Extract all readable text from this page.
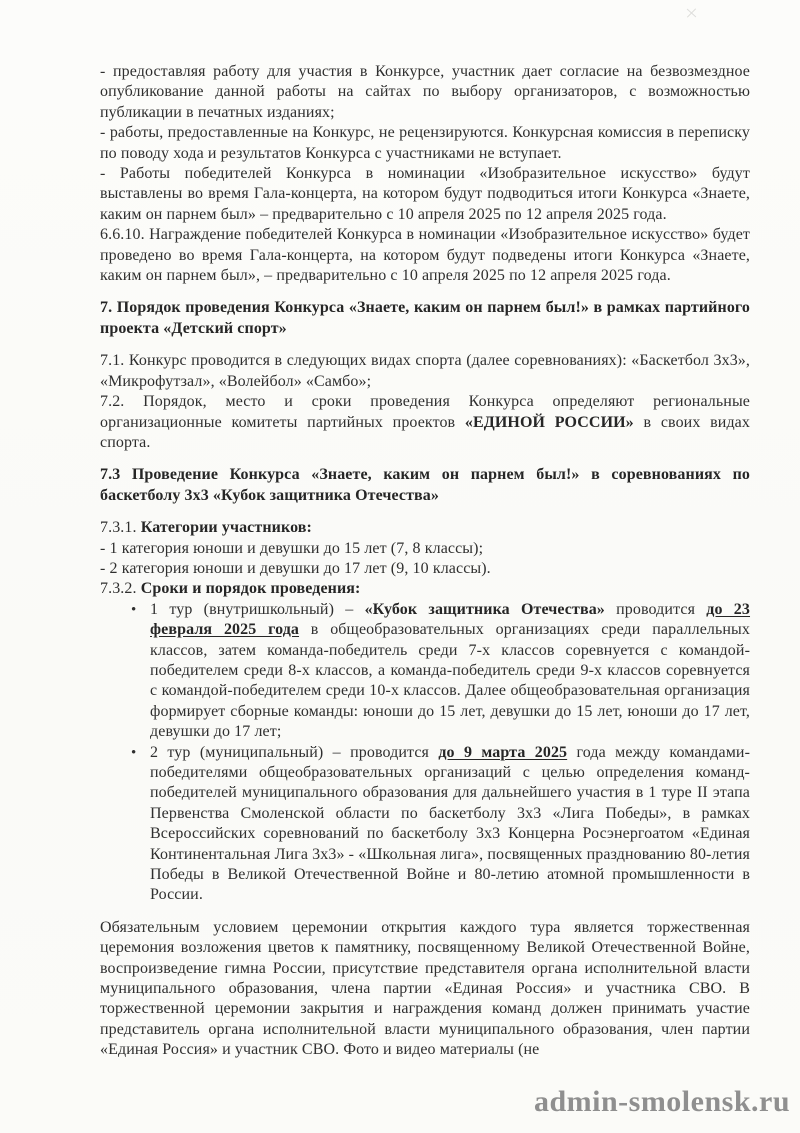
- предоставляя работу для участия в Конкурсе, участник дает согласие на безвозмездное опубликование данной работы на сайтах по выбору организаторов, с возможностью публикации в печатных изданиях;
- работы, предоставленные на Конкурс, не рецензируются. Конкурсная комиссия в переписку по поводу хода и результатов Конкурса с участниками не вступает.
- Работы победителей Конкурса в номинации «Изобразительное искусство» будут выставлены во время Гала-концерта, на котором будут подводиться итоги Конкурса «Знаете, каким он парнем был» – предварительно с 10 апреля 2025 по 12 апреля 2025 года.
6.6.10. Награждение победителей Конкурса в номинации «Изобразительное искусство» будет проведено во время Гала-концерта, на котором будут подведены итоги Конкурса «Знаете, каким он парнем был», – предварительно с 10 апреля 2025 по 12 апреля 2025 года.
7. Порядок проведения Конкурса «Знаете, каким он парнем был!» в рамках партийного проекта «Детский спорт»
7.1. Конкурс проводится в следующих видах спорта (далее соревнованиях): «Баскетбол 3х3», «Микрофутзал», «Волейбол» «Самбо»;
7.2. Порядок, место и сроки проведения Конкурса определяют региональные организационные комитеты партийных проектов «ЕДИНОЙ РОССИИ» в своих видах спорта.
7.3 Проведение Конкурса «Знаете, каким он парнем был!» в соревнованиях по баскетболу 3х3 «Кубок защитника Отечества»
7.3.1. Категории участников:
- 1 категория юноши и девушки до 15 лет (7, 8 классы);
- 2 категория юноши и девушки до 17 лет (9, 10 классы).
7.3.2. Сроки и порядок проведения:
• 1 тур (внутришкольный) – «Кубок защитника Отечества» проводится до 23 февраля 2025 года в общеобразовательных организациях среди параллельных классов, затем команда-победитель среди 7-х классов соревнуется с командой-победителем среди 8-х классов, а команда-победитель среди 9-х классов соревнуется с командой-победителем среди 10-х классов. Далее общеобразовательная организация формирует сборные команды: юноши до 15 лет, девушки до 15 лет, юноши до 17 лет, девушки до 17 лет;
• 2 тур (муниципальный) – проводится до 9 марта 2025 года между командами-победителями общеобразовательных организаций с целью определения команд-победителей муниципального образования для дальнейшего участия в 1 туре II этапа Первенства Смоленской области по баскетболу 3х3 «Лига Победы», в рамках Всероссийских соревнований по баскетболу 3х3 Концерна Росэнергоатом «Единая Континентальная Лига 3х3» - «Школьная лига», посвященных празднованию 80-летия Победы в Великой Отечественной Войне и 80-летию атомной промышленности в России.
Обязательным условием церемонии открытия каждого тура является торжественная церемония возложения цветов к памятнику, посвященному Великой Отечественной Войне, воспроизведение гимна России, присутствие представителя органа исполнительной власти муниципального образования, члена партии «Единая Россия» и участника СВО. В торжественной церемонии закрытия и награждения команд должен принимать участие представитель органа исполнительной власти муниципального образования, член партии «Единая Россия» и участник СВО. Фото и видео материалы (не
admin-smolensk.ru
